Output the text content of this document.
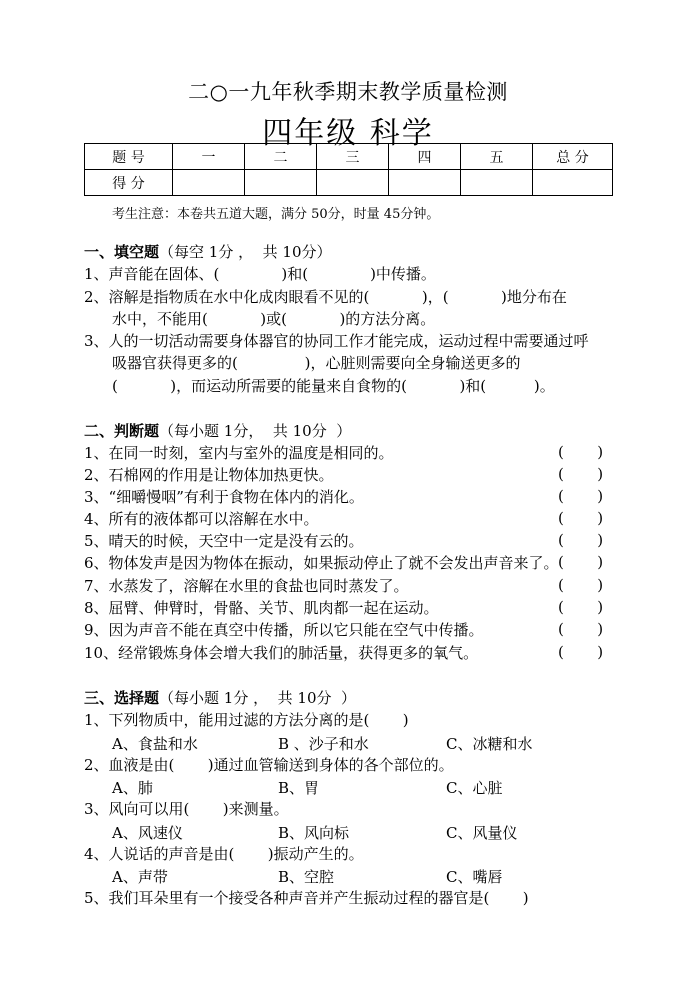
二○一九年秋季期末教学质量检测
四年级 科学
题 号	一	二	三	四	五	总 分
得 分						
考生注意：本卷共五道大题，满分 50分，时量 45分钟。
一、填空题（每空 1分 ，  共 10分）
1、声音能在固体、(             )和(             )中传播。
2、溶解是指物质在水中化成肉眼看不见的(           )，(           )地分布在
水中，不能用(           )或(           )的方法分离。
3、人的一切活动需要身体器官的协同工作才能完成，运动过程中需要通过呼
吸器官获得更多的(              )，心脏则需要向全身输送更多的
(           )，而运动所需要的能量来自食物的(           )和(          )。
二、判断题（每小题 1分，  共 10分  ）
1、在同一时刻，室内与室外的温度是相同的。	(       )
2、石棉网的作用是让物体加热更快。	(       )
3、“细嚼慢咽”有利于食物在体内的消化。	(       )
4、所有的液体都可以溶解在水中。	(       )
5、晴天的时候，天空中一定是没有云的。	(       )
6、物体发声是因为物体在振动，如果振动停止了就不会发出声音来了。 (       )
7、水蒸发了，溶解在水里的食盐也同时蒸发了。	(       )
8、屈臂、伸臂时，骨骼、关节、肌肉都一起在运动。	(       )
9、因为声音不能在真空中传播，所以它只能在空气中传播。	(       )
10、经常锻炼身体会增大我们的肺活量，获得更多的氧气。	(       )
三、选择题（每小题 1分 ，  共 10分  ）
1、下列物质中，能用过滤的方法分离的是(       )
A、食盐和水	B 、沙子和水	C、冰糖和水
2、血液是由(       )通过血管输送到身体的各个部位的。
A、肺	B、胃	C、心脏
3、风向可以用(       )来测量。
A、风速仪	B、风向标	C、风量仪
4、人说话的声音是由(       )振动产生的。
A、声带	B、空腔	C、嘴唇
5、我们耳朵里有一个接受各种声音并产生振动过程的器官是(       )
